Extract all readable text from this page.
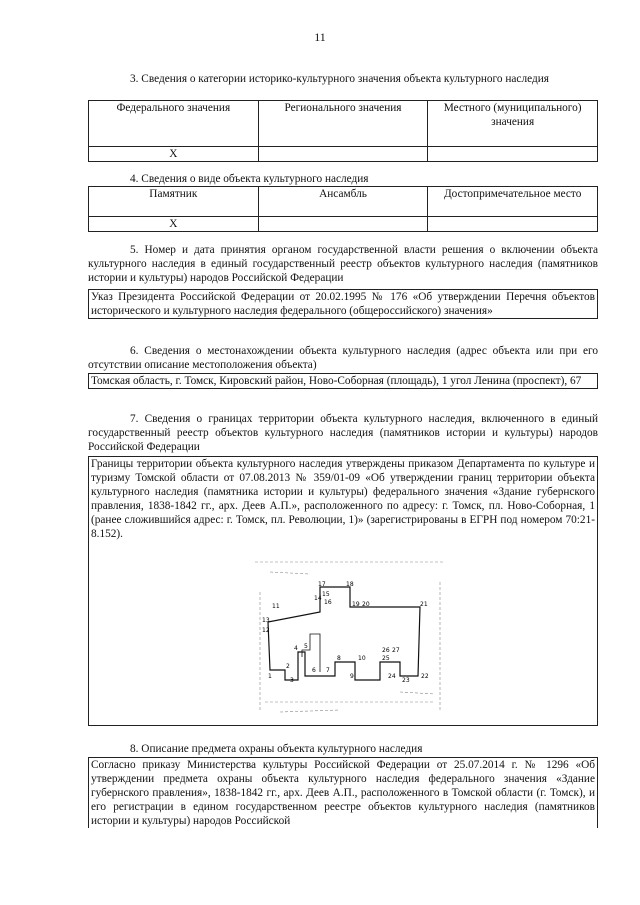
11
3. Сведения о категории историко-культурного значения объекта культурного наследия
Федерального значения	Регионального значения	Местного (муниципального) значения
Х		
4. Сведения о виде объекта культурного наследия
Памятник	Ансамбль	Достопримечательное место
Х		
5. Номер и дата принятия органом государственной власти решения о включении объекта культурного наследия в единый государственный реестр объектов культурного наследия (памятников истории и культуры) народов Российской Федерации
Указ Президента Российской Федерации от 20.02.1995 № 176 «Об утверждении Перечня объектов исторического и культурного наследия федерального (общероссийского) значения»
6. Сведения о местонахождении объекта культурного наследия (адрес объекта или при его отсутствии описание местоположения объекта)
Томская область, г. Томск, Кировский район, Ново-Соборная (площадь), 1 угол Ленина (проспект), 67
7. Сведения о границах территории объекта культурного наследия, включенного в единый государственный реестр объектов культурного наследия (памятников истории и культуры) народов Российской Федерации
Границы территории объекта культурного наследия утверждены приказом Департамента по культуре и туризму Томской области от 07.08.2013 № 359/01-09 «Об утверждении границ территории объекта культурного наследия (памятника истории и культуры) федерального значения «Здание губернского правления, 1838-1842 гг., арх. Деев А.П.», расположенного по адресу: г. Томск, пл. Ново-Соборная, 1 (ранее сложившийся адрес: г. Томск, пл. Революции, 1)» (зарегистрированы в ЕГРН под номером 70:21-8.152).
17	18
19 20	21
22
13
12
1
2
3
4 5
6 7
8
9
10
11
14
15
16
23
24
25
26 27
8. Описание предмета охраны объекта культурного наследия
Согласно приказу Министерства культуры Российской Федерации от 25.07.2014 г. № 1296 «Об утверждении предмета охраны объекта культурного наследия федерального значения «Здание губернского правления», 1838-1842 гг., арх. Деев А.П., расположенного в Томской области (г. Томск), и его регистрации в едином государственном реестре объектов культурного наследия (памятников истории и культуры) народов Российской
